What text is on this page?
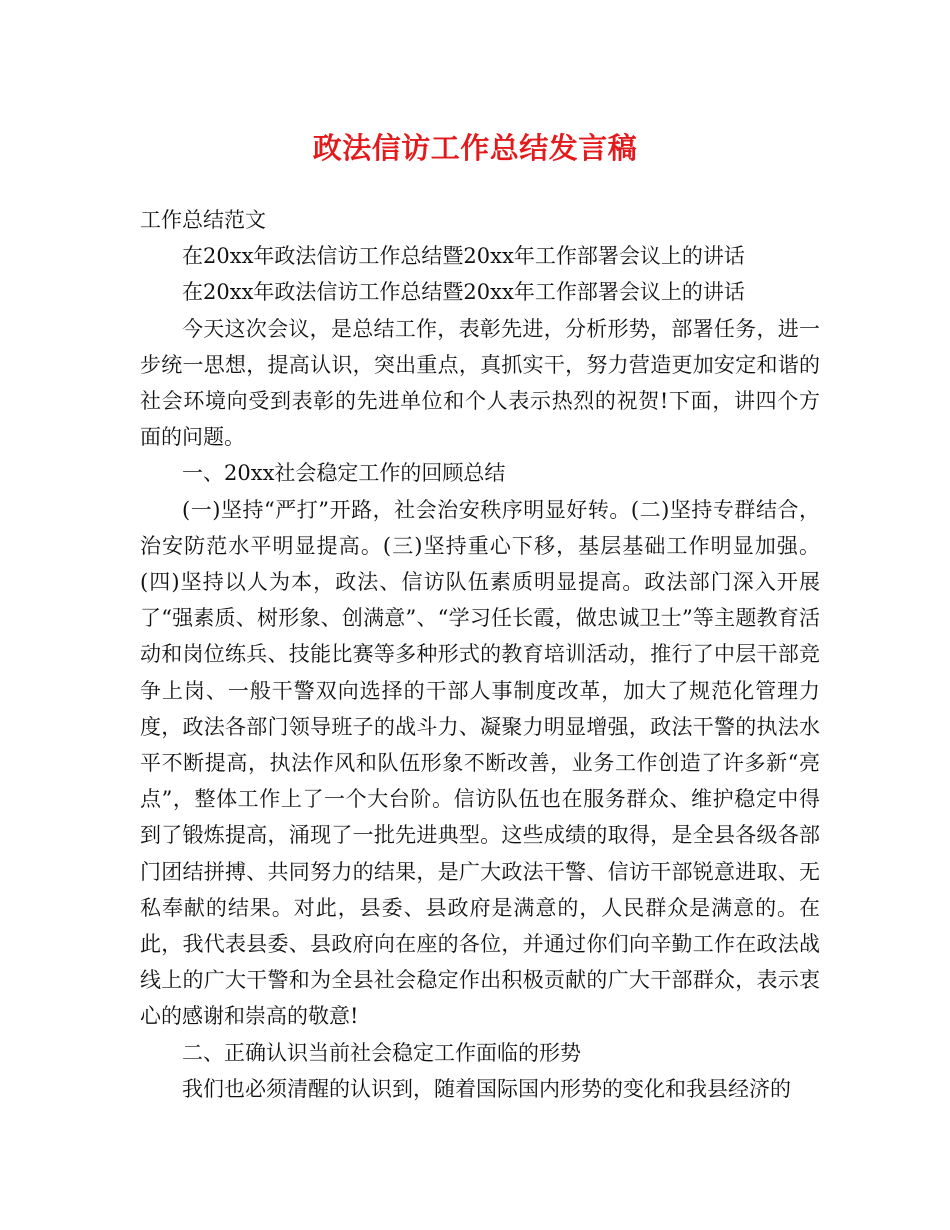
政法信访工作总结发言稿

工作总结范文

在20xx年政法信访工作总结暨20xx年工作部署会议上的讲话

在20xx年政法信访工作总结暨20xx年工作部署会议上的讲话

今天这次会议，是总结工作，表彰先进，分析形势，部署任务，进一步统一思想，提高认识，突出重点，真抓实干，努力营造更加安定和谐的社会环境向受到表彰的先进单位和个人表示热烈的祝贺!下面，讲四个方面的问题。

一、20xx社会稳定工作的回顾总结

(一)坚持“严打”开路，社会治安秩序明显好转。(二)坚持专群结合，治安防范水平明显提高。(三)坚持重心下移，基层基础工作明显加强。(四)坚持以人为本，政法、信访队伍素质明显提高。政法部门深入开展了“强素质、树形象、创满意”、“学习任长霞，做忠诚卫士”等主题教育活动和岗位练兵、技能比赛等多种形式的教育培训活动，推行了中层干部竞争上岗、一般干警双向选择的干部人事制度改革，加大了规范化管理力度，政法各部门领导班子的战斗力、凝聚力明显增强，政法干警的执法水平不断提高，执法作风和队伍形象不断改善，业务工作创造了许多新“亮点”，整体工作上了一个大台阶。信访队伍也在服务群众、维护稳定中得到了锻炼提高，涌现了一批先进典型。这些成绩的取得，是全县各级各部门团结拼搏、共同努力的结果，是广大政法干警、信访干部锐意进取、无私奉献的结果。对此，县委、县政府是满意的，人民群众是满意的。在此，我代表县委、县政府向在座的各位，并通过你们向辛勤工作在政法战线上的广大干警和为全县社会稳定作出积极贡献的广大干部群众，表示衷心的感谢和崇高的敬意!

二、正确认识当前社会稳定工作面临的形势

我们也必须清醒的认识到，随着国际国内形势的变化和我县经济的
